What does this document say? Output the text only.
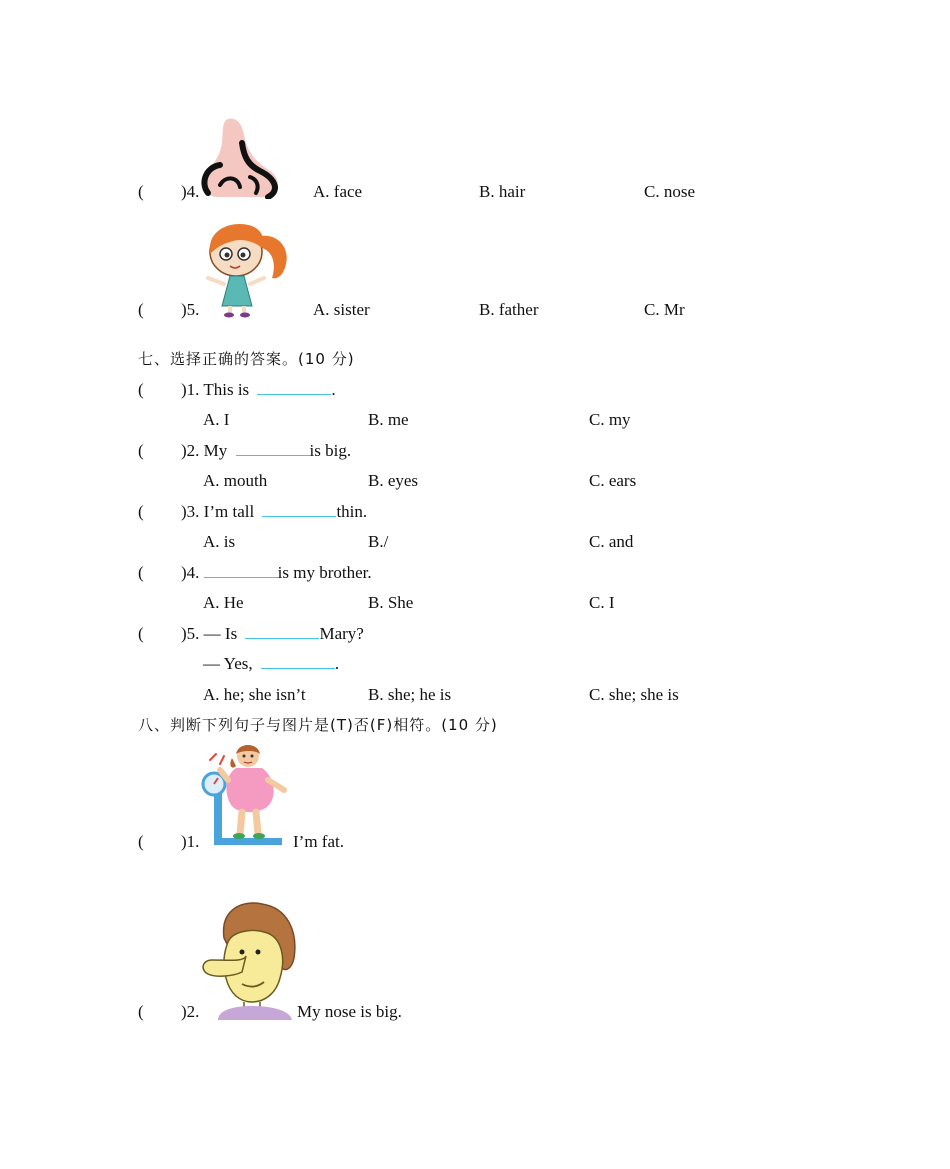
( )4.	A. face	B. hair	C. nose
( )5.	A. sister	B. father	C. Mr
七、选择正确的答案。(10 分)
( )1. This is	.
A. I	B. me	C. my
( )2. My	is big.
A. mouth	B. eyes	C. ears
( )3. I’m tall	thin.
A. is	B./	C. and
( )4.	is my brother.
A. He	B. She	C. I
( )5. — Is	Mary?
— Yes,	.
A. he; she isn’t	B. she; he is	C. she; she is
八、判断下列句子与图片是(T)否(F)相符。(10 分)
( )1.	I’m fat.
( )2.	My nose is big.
